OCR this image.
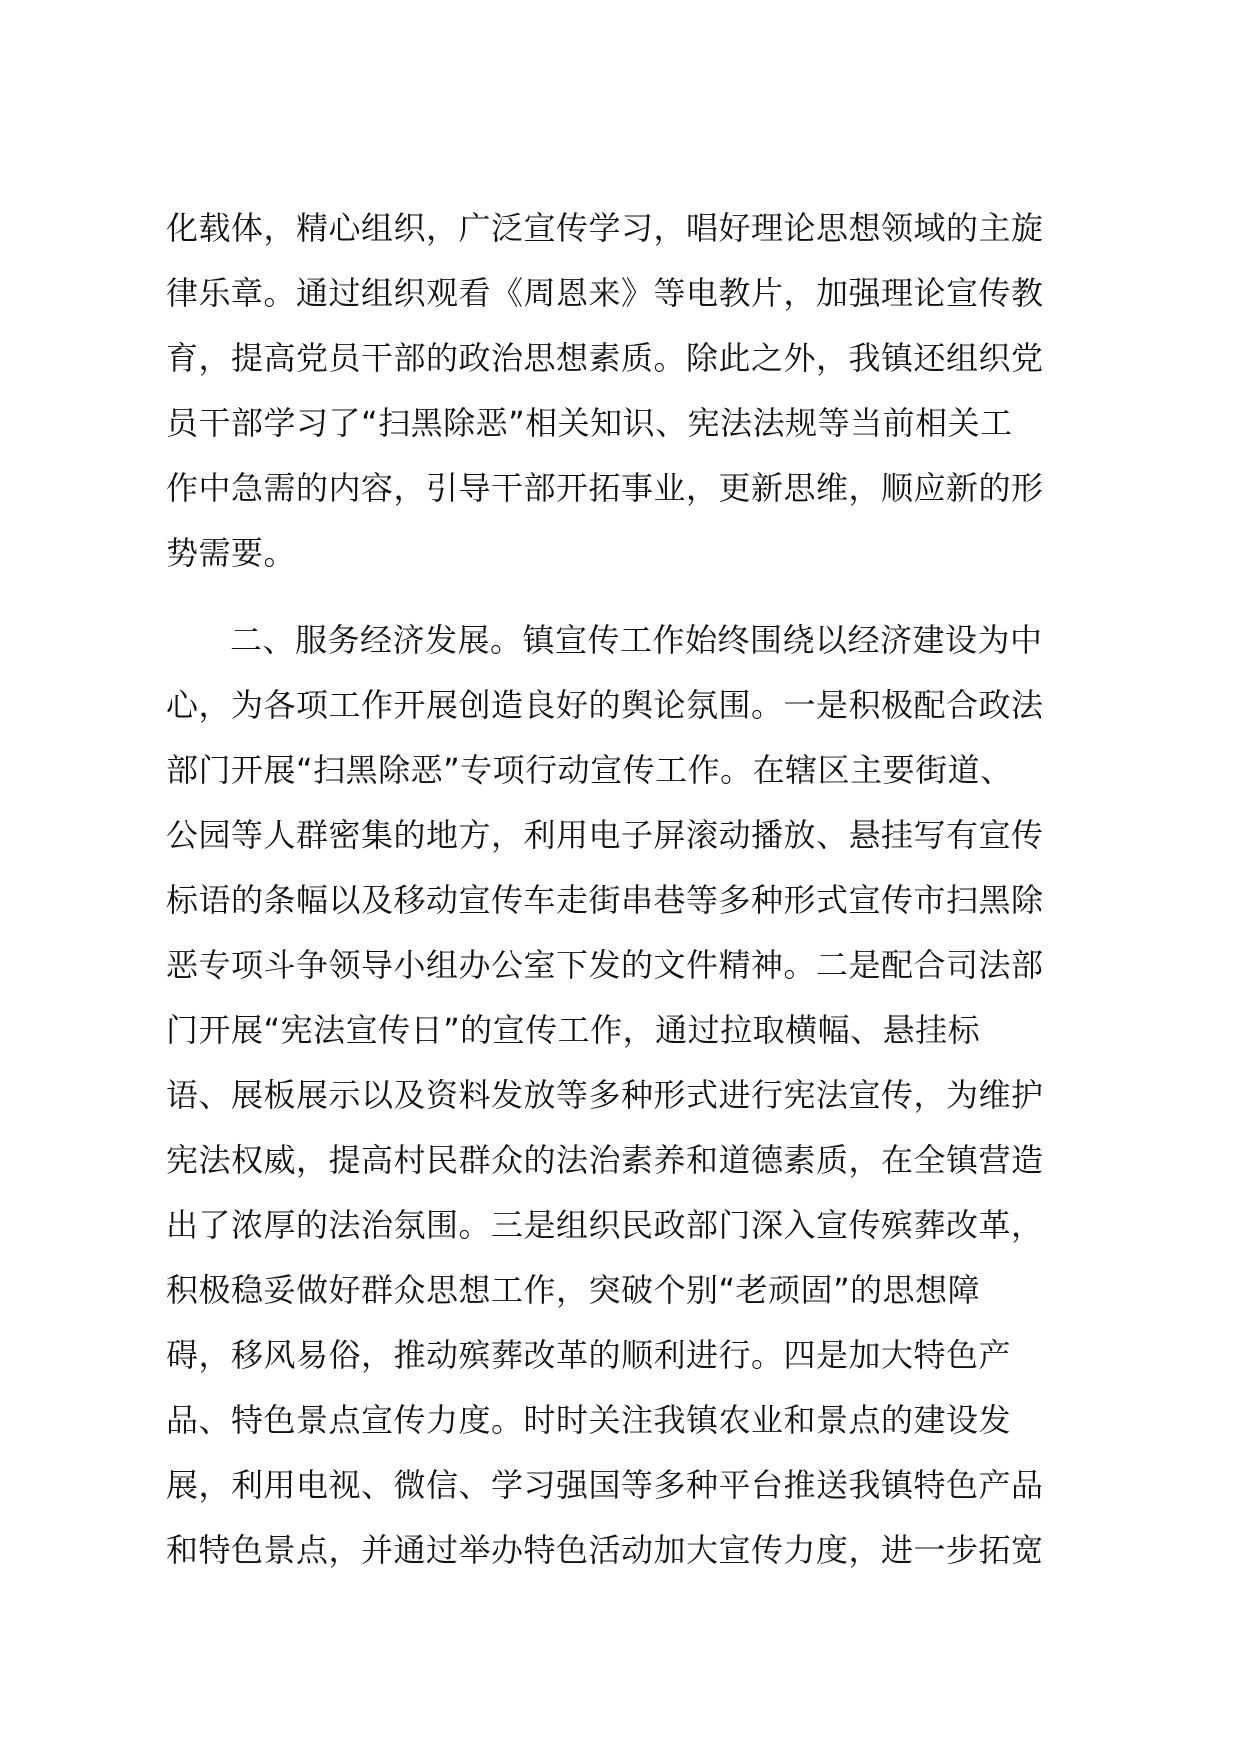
化载体，精心组织，广泛宣传学习，唱好理论思想领域的主旋
律乐章。通过组织观看《周恩来》等电教片，加强理论宣传教
育，提高党员干部的政治思想素质。除此之外，我镇还组织党
员干部学习了“扫黑除恶”相关知识、宪法法规等当前相关工
作中急需的内容，引导干部开拓事业，更新思维，顺应新的形
势需要。

二、服务经济发展。镇宣传工作始终围绕以经济建设为中
心，为各项工作开展创造良好的舆论氛围。一是积极配合政法
部门开展“扫黑除恶”专项行动宣传工作。在辖区主要街道、
公园等人群密集的地方，利用电子屏滚动播放、悬挂写有宣传
标语的条幅以及移动宣传车走街串巷等多种形式宣传市扫黑除
恶专项斗争领导小组办公室下发的文件精神。二是配合司法部
门开展“宪法宣传日”的宣传工作，通过拉取横幅、悬挂标
语、展板展示以及资料发放等多种形式进行宪法宣传，为维护
宪法权威，提高村民群众的法治素养和道德素质，在全镇营造
出了浓厚的法治氛围。三是组织民政部门深入宣传殡葬改革，
积极稳妥做好群众思想工作，突破个别“老顽固”的思想障
碍，移风易俗，推动殡葬改革的顺利进行。四是加大特色产
品、特色景点宣传力度。时时关注我镇农业和景点的建设发
展，利用电视、微信、学习强国等多种平台推送我镇特色产品
和特色景点，并通过举办特色活动加大宣传力度，进一步拓宽
